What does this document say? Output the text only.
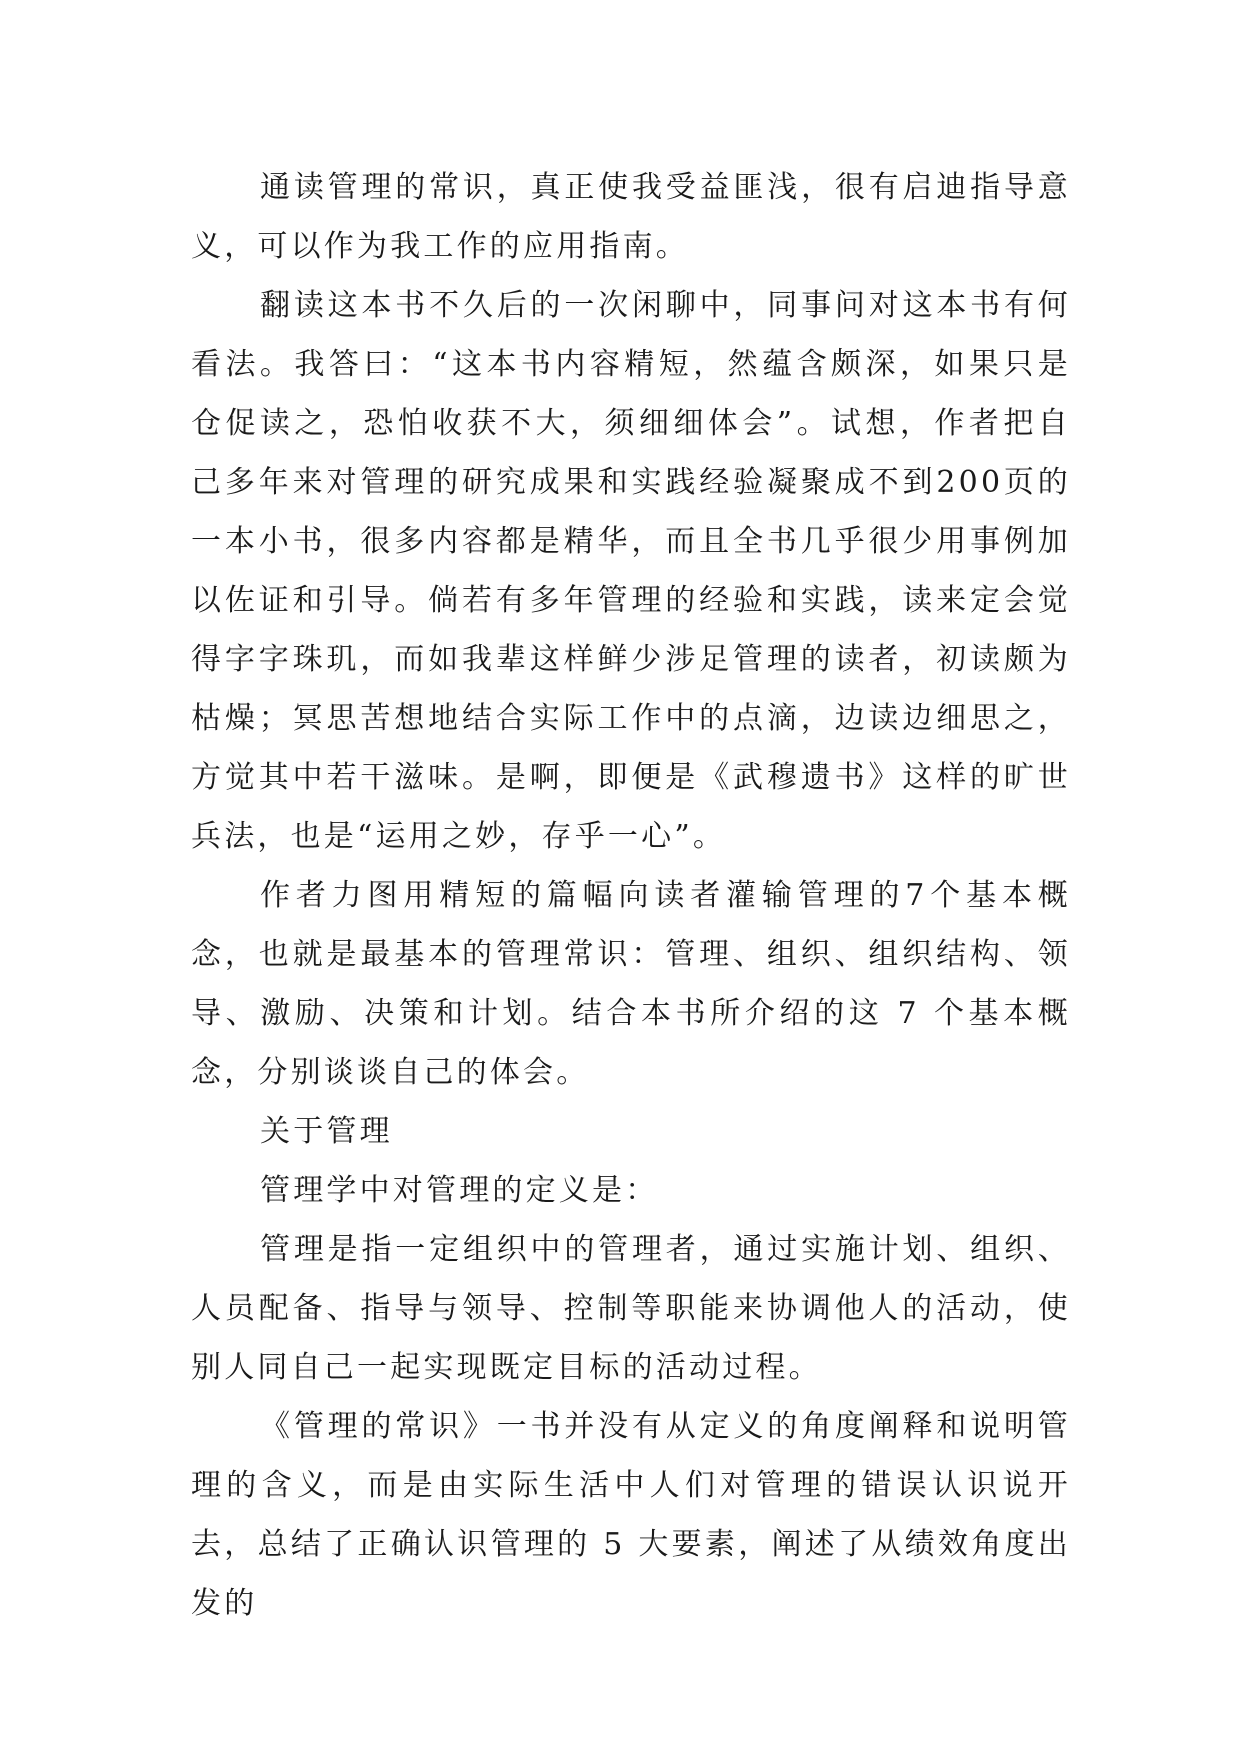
通读管理的常识，真正使我受益匪浅，很有启迪指导意义，可以作为我工作的应用指南。

翻读这本书不久后的一次闲聊中，同事问对这本书有何看法。我答曰：“这本书内容精短，然蕴含颇深，如果只是仓促读之，恐怕收获不大，须细细体会”。试想，作者把自己多年来对管理的研究成果和实践经验凝聚成不到200页的一本小书，很多内容都是精华，而且全书几乎很少用事例加以佐证和引导。倘若有多年管理的经验和实践，读来定会觉得字字珠玑，而如我辈这样鲜少涉足管理的读者，初读颇为枯燥；冥思苦想地结合实际工作中的点滴，边读边细思之，方觉其中若干滋味。是啊，即便是《武穆遗书》这样的旷世兵法，也是“运用之妙，存乎一心”。

作者力图用精短的篇幅向读者灌输管理的7个基本概念，也就是最基本的管理常识：管理、组织、组织结构、领导、激励、决策和计划。结合本书所介绍的这 7 个基本概念，分别谈谈自己的体会。

关于管理

管理学中对管理的定义是：

管理是指一定组织中的管理者，通过实施计划、组织、人员配备、指导与领导、控制等职能来协调他人的活动，使别人同自己一起实现既定目标的活动过程。

《管理的常识》一书并没有从定义的角度阐释和说明管理的含义，而是由实际生活中人们对管理的错误认识说开去，总结了正确认识管理的 5 大要素，阐述了从绩效角度出发的
